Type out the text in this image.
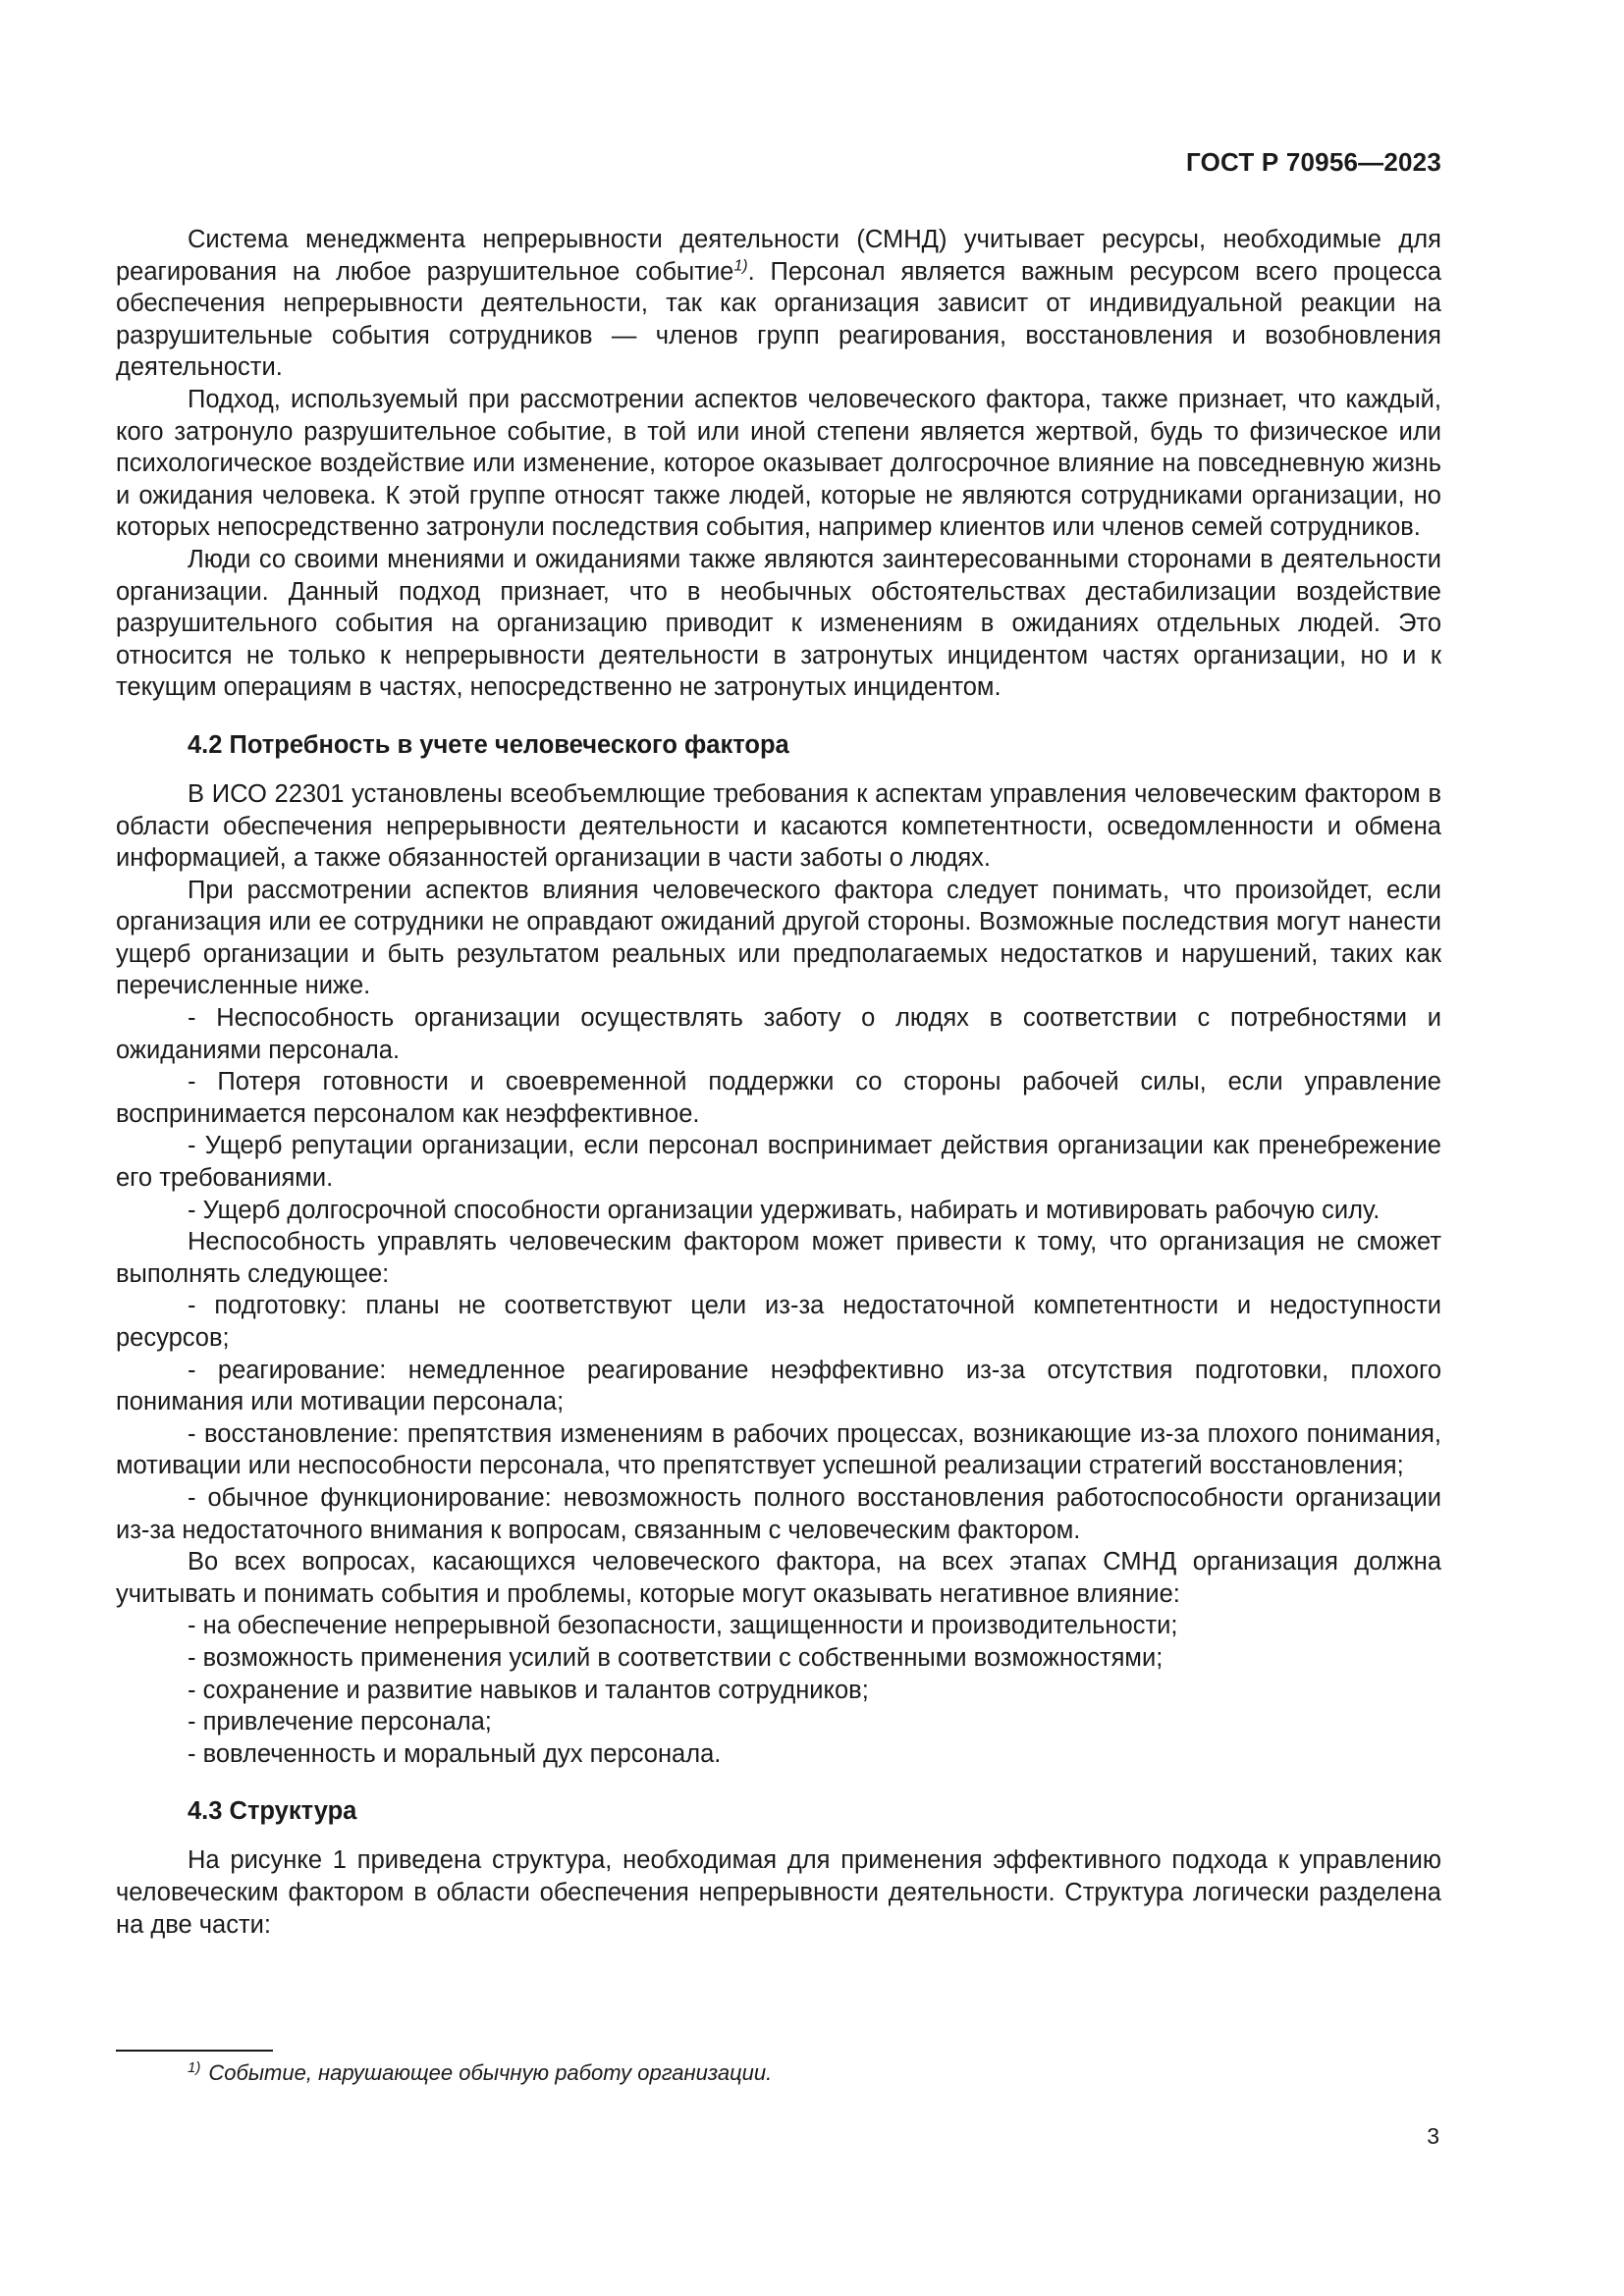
ГОСТ Р 70956—2023

Система менеджмента непрерывности деятельности (СМНД) учитывает ресурсы, необходимые для реагирования на любое разрушительное событие$^{1)}$. Персонал является важным ресурсом всего процесса обеспечения непрерывности деятельности, так как организация зависит от индивидуальной реакции на разрушительные события сотрудников — членов групп реагирования, восстановления и возобновления деятельности.

Подход, используемый при рассмотрении аспектов человеческого фактора, также признает, что каждый, кого затронуло разрушительное событие, в той или иной степени является жертвой, будь то физическое или психологическое воздействие или изменение, которое оказывает долгосрочное влияние на повседневную жизнь и ожидания человека. К этой группе относят также людей, которые не являются сотрудниками организации, но которых непосредственно затронули последствия события, например клиентов или членов семей сотрудников.

Люди со своими мнениями и ожиданиями также являются заинтересованными сторонами в деятельности организации. Данный подход признает, что в необычных обстоятельствах дестабилизации воздействие разрушительного события на организацию приводит к изменениям в ожиданиях отдельных людей. Это относится не только к непрерывности деятельности в затронутых инцидентом частях организации, но и к текущим операциям в частях, непосредственно не затронутых инцидентом.

4.2 Потребность в учете человеческого фактора

В ИСО 22301 установлены всеобъемлющие требования к аспектам управления человеческим фактором в области обеспечения непрерывности деятельности и касаются компетентности, осведомленности и обмена информацией, а также обязанностей организации в части заботы о людях.

При рассмотрении аспектов влияния человеческого фактора следует понимать, что произойдет, если организация или ее сотрудники не оправдают ожиданий другой стороны. Возможные последствия могут нанести ущерб организации и быть результатом реальных или предполагаемых недостатков и нарушений, таких как перечисленные ниже.

- Неспособность организации осуществлять заботу о людях в соответствии с потребностями и ожиданиями персонала.

- Потеря готовности и своевременной поддержки со стороны рабочей силы, если управление воспринимается персоналом как неэффективное.

- Ущерб репутации организации, если персонал воспринимает действия организации как пренебрежение его требованиями.

- Ущерб долгосрочной способности организации удерживать, набирать и мотивировать рабочую силу.

Неспособность управлять человеческим фактором может привести к тому, что организация не сможет выполнять следующее:

- подготовку: планы не соответствуют цели из-за недостаточной компетентности и недоступности ресурсов;

- реагирование: немедленное реагирование неэффективно из-за отсутствия подготовки, плохого понимания или мотивации персонала;

- восстановление: препятствия изменениям в рабочих процессах, возникающие из-за плохого понимания, мотивации или неспособности персонала, что препятствует успешной реализации стратегий восстановления;

- обычное функционирование: невозможность полного восстановления работоспособности организации из-за недостаточного внимания к вопросам, связанным с человеческим фактором.

Во всех вопросах, касающихся человеческого фактора, на всех этапах СМНД организация должна учитывать и понимать события и проблемы, которые могут оказывать негативное влияние:

- на обеспечение непрерывной безопасности, защищенности и производительности;

- возможность применения усилий в соответствии с собственными возможностями;

- сохранение и развитие навыков и талантов сотрудников;

- привлечение персонала;

- вовлеченность и моральный дух персонала.

4.3 Структура

На рисунке 1 приведена структура, необходимая для применения эффективного подхода к управлению человеческим фактором в области обеспечения непрерывности деятельности. Структура логически разделена на две части:

$^{1)}$ Событие, нарушающее обычную работу организации.
3
